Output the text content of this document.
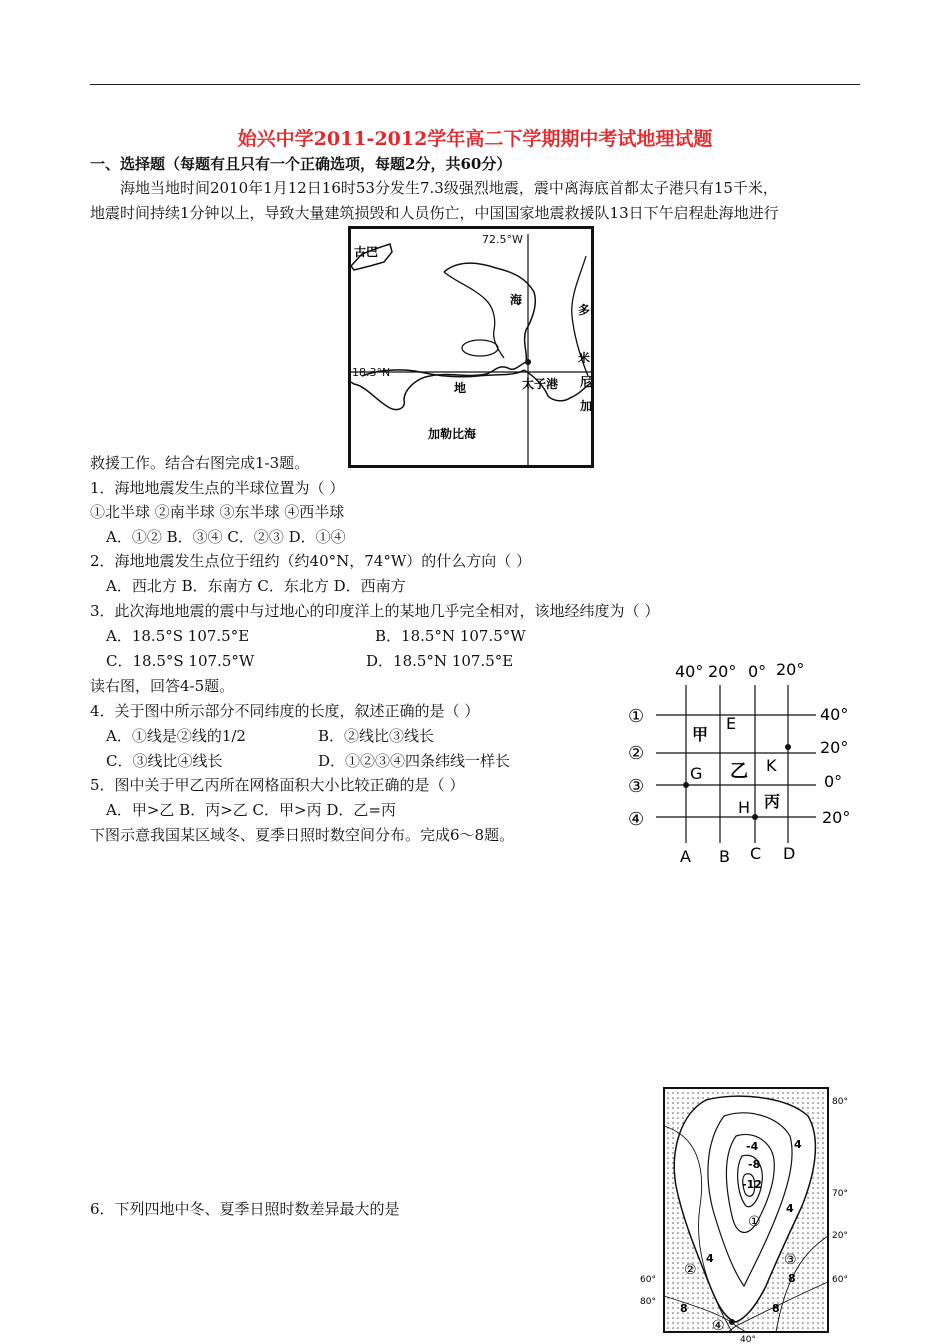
始兴中学2011-2012学年高二下学期期中考试地理试题
一、选择题（每题有且只有一个正确选项，每题2分，共60分）
海地当地时间2010年1月12日16时53分发生7.3级强烈地震，震中离海底首都太子港只有15千米，
地震时间持续1分钟以上，导致大量建筑损毁和人员伤亡，中国国家地震救援队13日下午启程赴海地进行
救援工作。结合右图完成1-3题。
72.5°W
18.3°N
古巴
海
地
多
米
尼
加
太子港
加勒比海
1．海地地震发生点的半球位置为（ ）
①北半球 ②南半球 ③东半球 ④西半球
A．①② B．③④ C．②③ D．①④
2．海地地震发生点位于纽约（约40°N，74°W）的什么方向（ ）
A．西北方 B．东南方 C．东北方 D．西南方
3．此次海地地震的震中与过地心的印度洋上的某地几乎完全相对，该地经纬度为（ ）
A．18.5°S 107.5°E	B．18.5°N 107.5°W
C．18.5°S 107.5°W	D．18.5°N 107.5°E
读右图，回答4-5题。
4．关于图中所示部分不同纬度的长度，叙述正确的是（ ）
A．①线是②线的1/2	B．②线比③线长
C．③线比④线长	D．①②③④四条纬线一样长
5．图中关于甲乙丙所在网格面积大小比较正确的是（ ）
A．甲>乙 B．丙>乙 C．甲>丙 D．乙=丙
下图示意我国某区域冬、夏季日照时数空间分布。完成6～8题。
40° 20° 0° 20°
40°
20°
0°
20°
①
②
③
④
A B C D
甲
E
G 乙 K
H 丙
6．下列四地中冬、夏季日照时数差异最大的是
80°
70°
20°
60°
60°
80°
40°
4
-4
-8
-12
4
4
8
8	8
①
②
③
④
